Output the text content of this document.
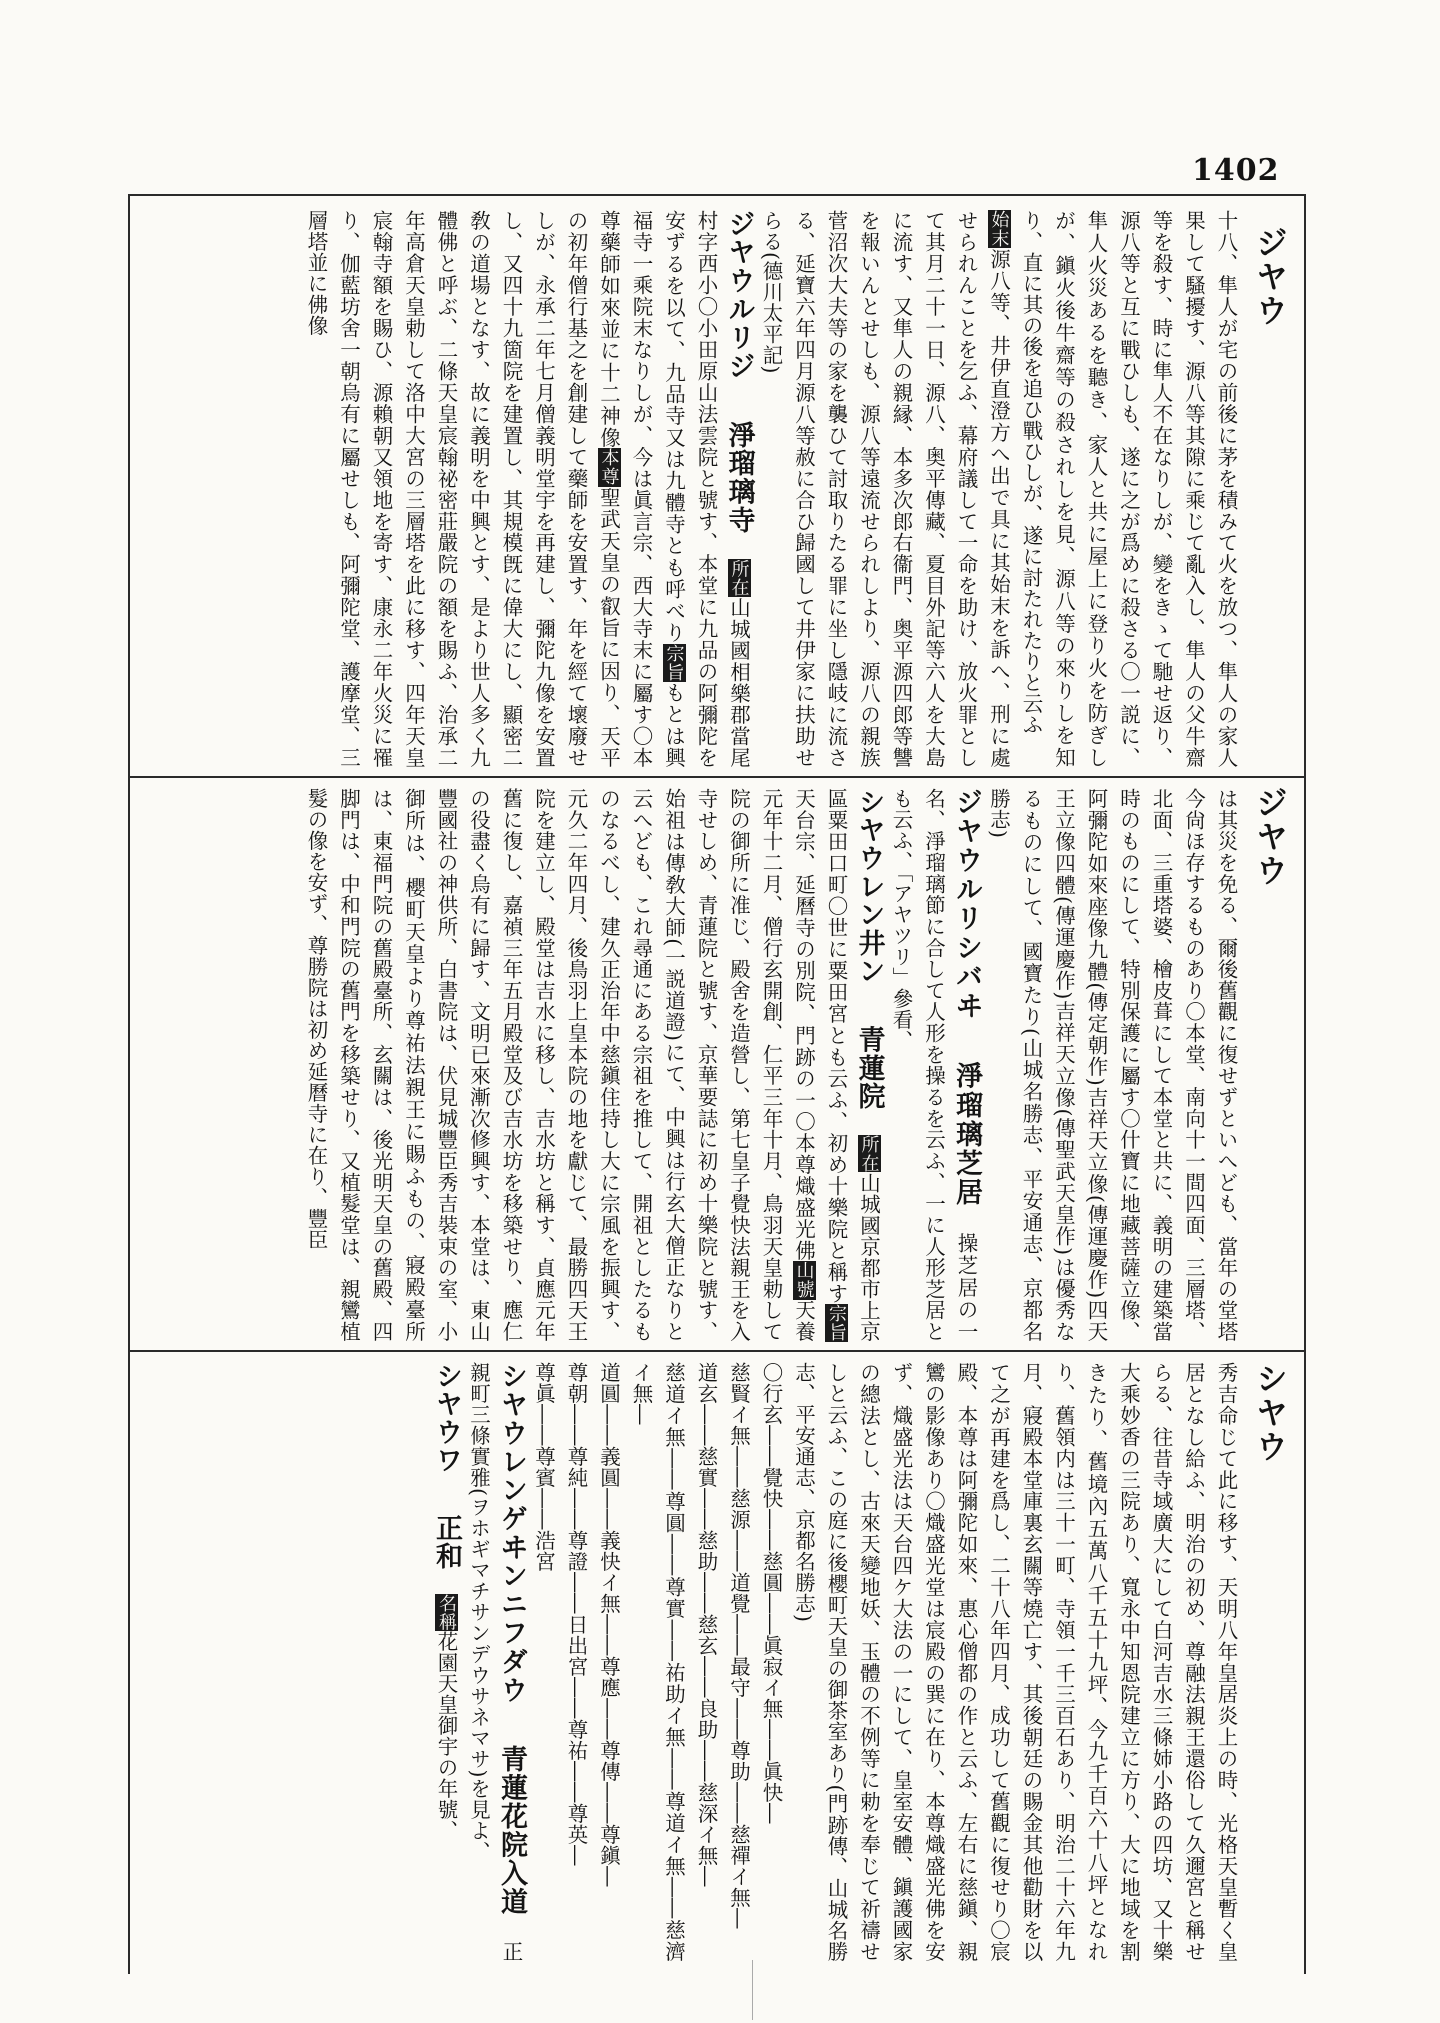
1402
ジヤウ
ジヤウ
シヤウ
十八、隼人が宅の前後に茅を積みて火を放つ、隼人の家人果して騷擾す、源八等其隙に乘じて亂入し、隼人の父牛齋等を殺す、時に隼人不在なりしが、變をきゝて馳せ返り、源八等と互に戰ひしも、遂に之が爲めに殺さる〇一説に、隼人火災あるを聽き、家人と共に屋上に登り火を防ぎしが、鎭火後牛齋等の殺されしを見、源八等の來りしを知り、直に其の後を追ひ戰ひしが、遂に討たれたりと云ふ
始末源八等、井伊直澄方へ出で具に其始末を訴へ、刑に處せられんことを乞ふ、幕府議して一命を助け、放火罪として其月二十一日、源八、奥平傳藏、夏目外記等六人を大島に流す、又隼人の親縁、本多次郎右衞門、奥平源四郎等讐を報いんとせしも、源八等遠流せられしより、源八の親族菅沼次大夫等の家を襲ひて討取りたる罪に坐し隱岐に流さる、延寶六年四月源八等赦に合ひ歸國して井伊家に扶助せらる(德川太平記)
ジヤウルリジ淨瑠璃寺所在山城國相樂郡當尾村字西小〇小田原山法雲院と號す、本堂に九品の阿彌陀を安ずるを以て、九品寺又は九體寺とも呼べり宗旨もとは興福寺一乘院末なりしが、今は眞言宗、西大寺末に屬す〇本尊藥師如來並に十二神像本尊聖武天皇の叡旨に因り、天平の初年僧行基之を創建して藥師を安置す、年を經て壞廢せしが、永承二年七月僧義明堂宇を再建し、彌陀九像を安置し、又四十九箇院を建置し、其規模旣に偉大にし、顯密二敎の道場となす、故に義明を中興とす、是より世人多く九體佛と呼ぶ、二條天皇宸翰祕密莊嚴院の額を賜ふ、治承二年高倉天皇勅して洛中大宮の三層塔を此に移す、四年天皇宸翰寺額を賜ひ、源賴朝又領地を寄す、康永二年火災に罹り、伽藍坊舍一朝烏有に屬せしも、阿彌陀堂、護摩堂、三層塔並に佛像
は其災を免る、爾後舊觀に復せずといへども、當年の堂塔今尙ほ存するものあり〇本堂、南向十一間四面、三層塔、北面、三重塔婆、檜皮葺にして本堂と共に、義明の建築當時のものにして、特別保護に屬す〇什寶に地藏菩薩立像、阿彌陀如來座像九體(傳定朝作)吉祥天立像(傳運慶作)四天王立像四體(傳運慶作)吉祥天立像(傳聖武天皇作)は優秀なるものにして、國寶たり(山城名勝志、平安通志、京都名勝志)
ジヤウルリシバヰ淨瑠璃芝居操芝居の一名、淨瑠璃節に合して人形を操るを云ふ、一に人形芝居とも云ふ、「アヤツリ」參看、
シヤウレン井ン青蓮院所在山城國京都市上京區粟田口町〇世に粟田宮とも云ふ、初め十樂院と稱す宗旨天台宗、延曆寺の別院、門跡の一〇本尊熾盛光佛山號天養元年十二月、僧行玄開創、仁平三年十月、鳥羽天皇勅して院の御所に准じ、殿舍を造營し、第七皇子覺快法親王を入寺せしめ、青蓮院と號す、京華要誌に初め十樂院と號す、始祖は傳敎大師(一説道證)にて、中興は行玄大僧正なりと云へども、これ尋通にある宗祖を推して、開祖としたるものなるべし、建久正治年中慈鎭住持し大に宗風を振興す、元久二年四月、後鳥羽上皇本院の地を獻じて、最勝四天王院を建立し、殿堂は吉水に移し、吉水坊と稱す、貞應元年舊に復し、嘉禎三年五月殿堂及び吉水坊を移築せり、應仁の役盡く烏有に歸す、文明已來漸次修興す、本堂は、東山豐國社の神供所、白書院は、伏見城豐臣秀吉裝束の室、小御所は、櫻町天皇より尊祐法親王に賜ふもの、寢殿臺所は、東福門院の舊殿臺所、玄關は、後光明天皇の舊殿、四脚門は、中和門院の舊門を移築せり、又植髮堂は、親鸞植髮の像を安ず、尊勝院は初め延曆寺に在り、豐臣
秀吉命じて此に移す、天明八年皇居炎上の時、光格天皇暫く皇居となし給ふ、明治の初め、尊融法親王還俗して久邇宮と稱せらる、往昔寺域廣大にして白河吉水三條姉小路の四坊、又十樂大乘妙香の三院あり、寬永中知恩院建立に方り、大に地域を割きたり、舊境內五萬八千五十九坪、今九千百六十八坪となれり、舊領内は三十一町、寺領一千三百石あり、明治二十六年九月、寢殿本堂庫裏玄關等燒亡す、其後朝廷の賜金其他勸財を以て之が再建を爲し、二十八年四月、成功して舊觀に復せり〇宸殿、本尊は阿彌陀如來、惠心僧都の作と云ふ、左右に慈鎭、親鸞の影像あり〇熾盛光堂は宸殿の巽に在り、本尊熾盛光佛を安ず、熾盛光法は天台四ケ大法の一にして、皇室安體、鎭護國家の總法とし、古來天變地妖、玉體の不例等に勅を奉じて祈禱せしと云ふ、この庭に後櫻町天皇の御茶室あり(門跡傳、山城名勝志、平安通志、京都名勝志)
〇行玄――覺快――慈圓――眞寂イ無――眞快―
慈賢イ無――慈源――道覺――最守――尊助――慈禪イ無―
道玄――慈實――慈助――慈玄――良助――慈深イ無―
慈道イ無――尊圓――尊實――祐助イ無――尊道イ無――慈濟イ無―
道圓――義圓――義快イ無――尊應――尊傳――尊鎭―
尊朝――尊純――尊證――日出宮――尊祐――尊英―
尊眞――尊賓――浩宮
シヤウレンゲヰンニフダウ青蓮花院入道正親町三條實雅(ヲホギマチサンデウサネマサ)を見よ、
シヤウワ正和名稱花園天皇御宇の年號、
